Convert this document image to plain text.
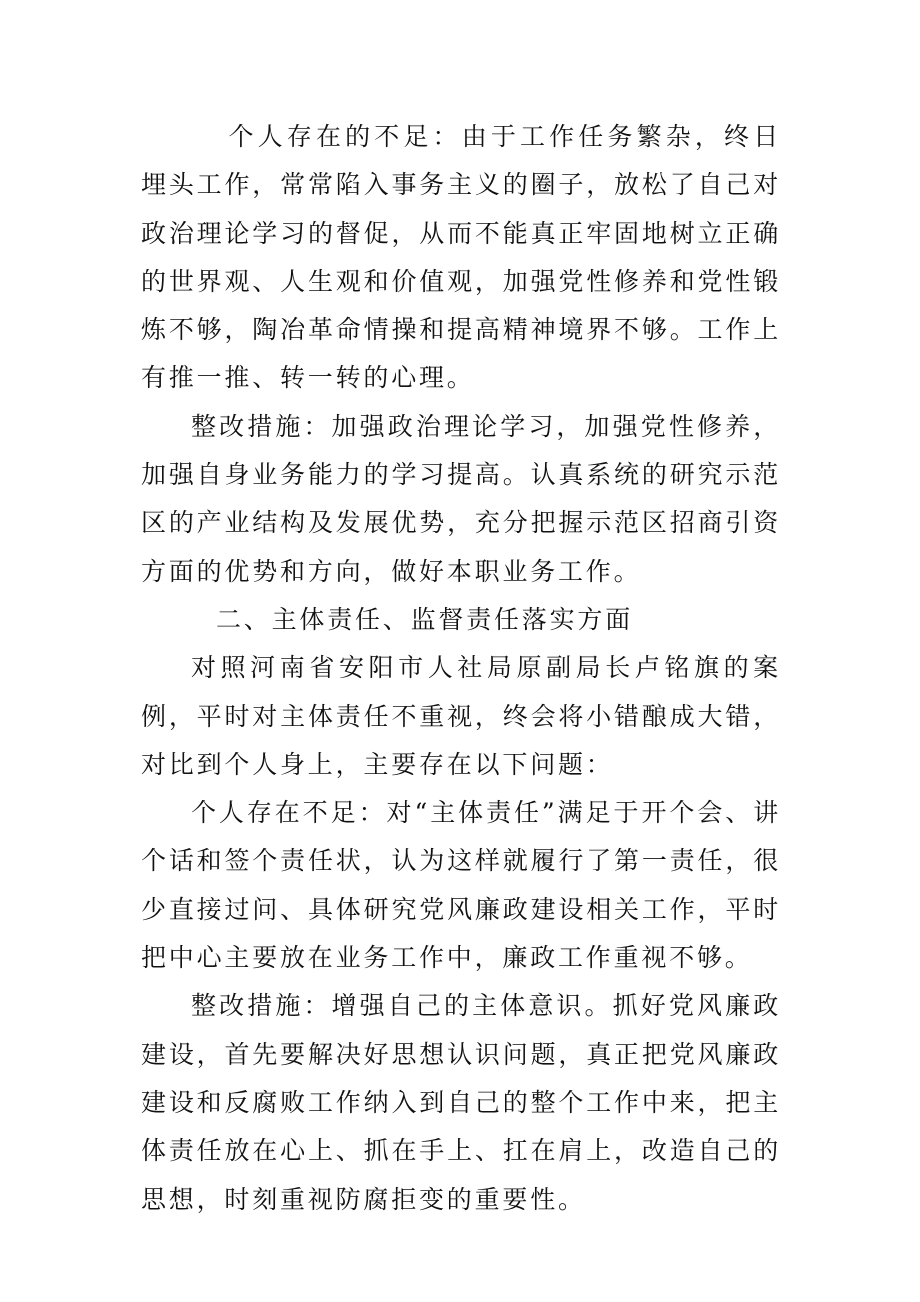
个人存在的不足：由于工作任务繁杂，终日埋头工作，常常陷入事务主义的圈子，放松了自己对政治理论学习的督促，从而不能真正牢固地树立正确的世界观、人生观和价值观，加强党性修养和党性锻炼不够，陶冶革命情操和提高精神境界不够。工作上有推一推、转一转的心理。

整改措施：加强政治理论学习，加强党性修养，加强自身业务能力的学习提高。认真系统的研究示范区的产业结构及发展优势，充分把握示范区招商引资方面的优势和方向，做好本职业务工作。

二、主体责任、监督责任落实方面

对照河南省安阳市人社局原副局长卢铭旗的案例，平时对主体责任不重视，终会将小错酿成大错，对比到个人身上，主要存在以下问题：

个人存在不足：对“主体责任”满足于开个会、讲个话和签个责任状，认为这样就履行了第一责任，很少直接过问、具体研究党风廉政建设相关工作，平时把中心主要放在业务工作中，廉政工作重视不够。

整改措施：增强自己的主体意识。抓好党风廉政建设，首先要解决好思想认识问题，真正把党风廉政建设和反腐败工作纳入到自己的整个工作中来，把主体责任放在心上、抓在手上、扛在肩上，改造自己的思想，时刻重视防腐拒变的重要性。
